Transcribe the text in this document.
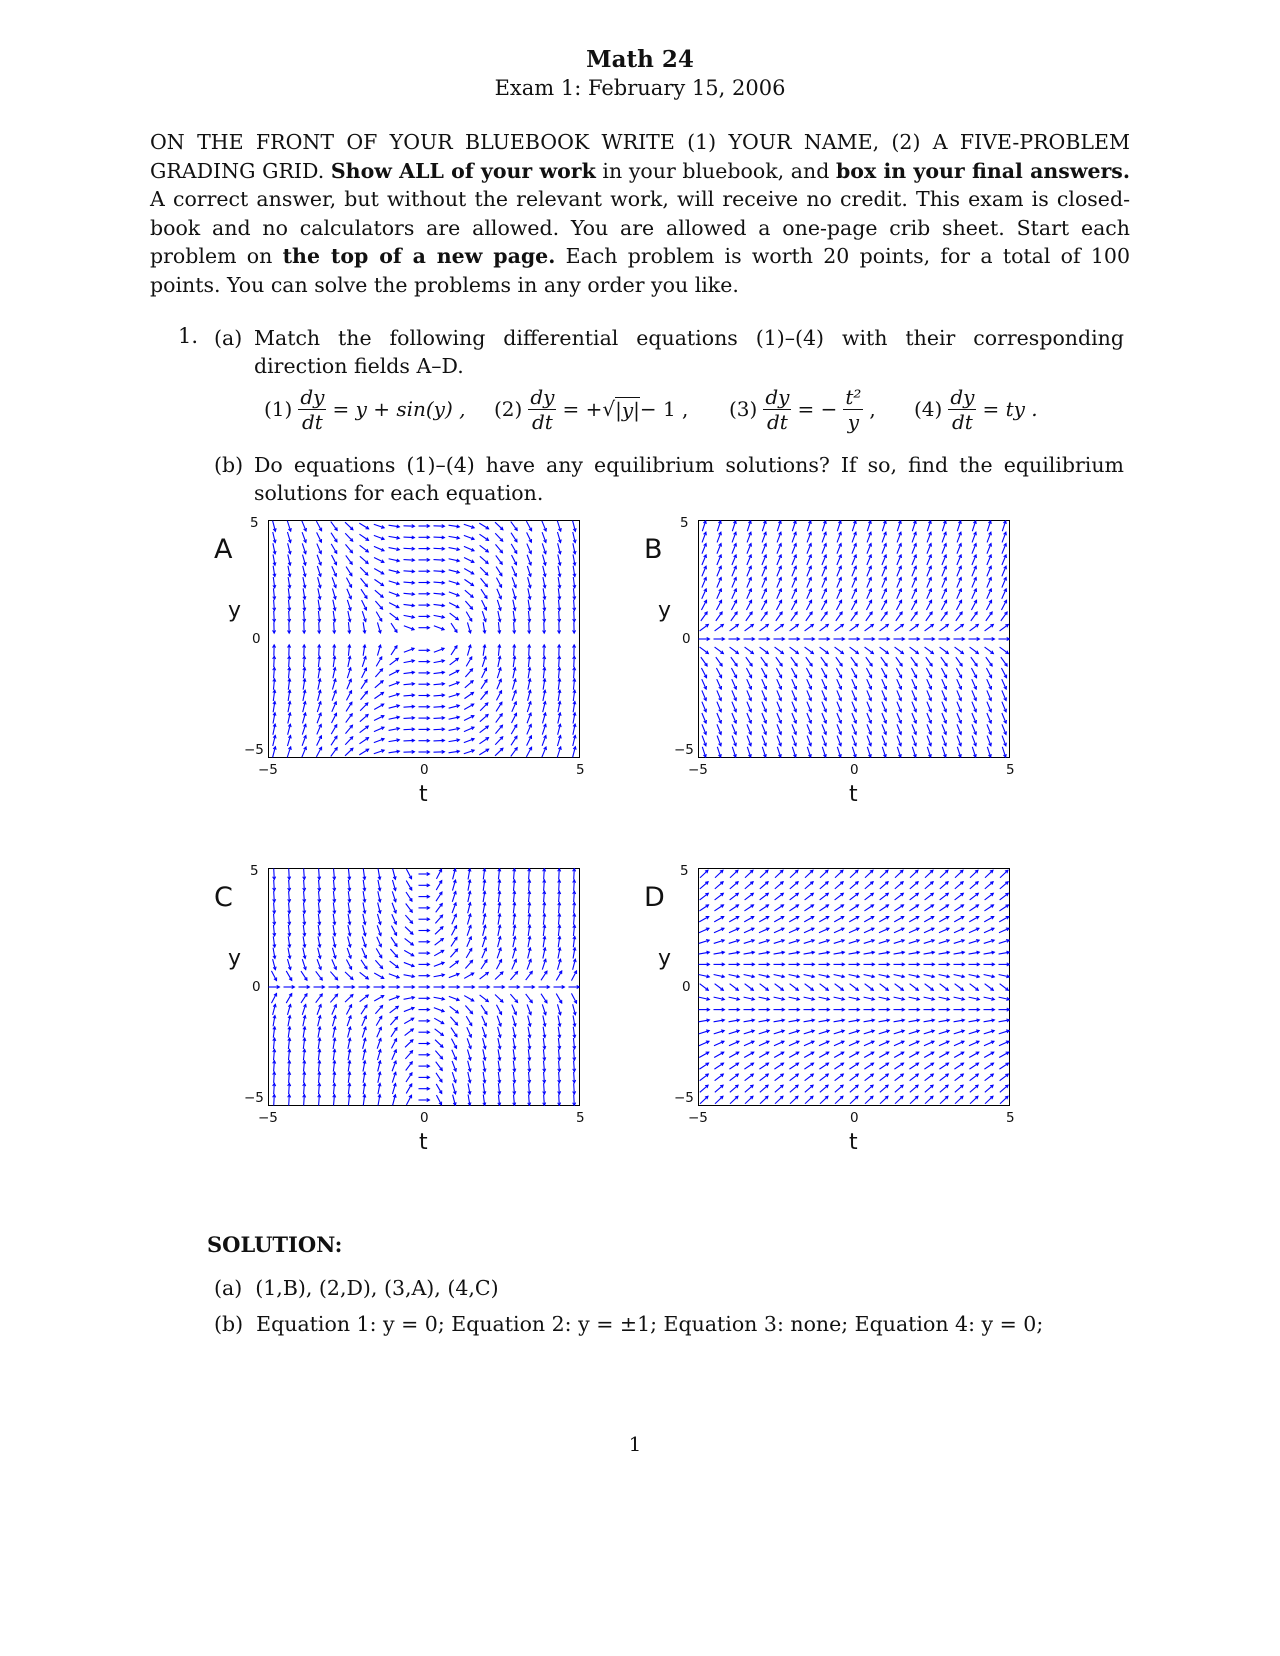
Math 24
Exam 1: February 15, 2006
ON THE FRONT OF YOUR BLUEBOOK WRITE (1) YOUR NAME, (2) A FIVE-PROBLEM GRADING GRID. Show ALL of your work in your bluebook, and box in your final answers. A correct answer, but without the relevant work, will receive no credit. This exam is closed-book and no calculators are allowed. You are allowed a one-page crib sheet. Start each problem on the top of a new page. Each problem is worth 20 points, for a total of 100 points. You can solve the problems in any order you like.
1. (a) Match the following differential equations (1)–(4) with their corresponding direction fields A–D.
$(1) \frac{dy}{dt} = y + \sin(y)$ , $(2) \frac{dy}{dt}$ = + √ |y| − 1 , $(3) \frac{dy}{dt}$ = − $\frac{\text{t²}}{y}$ , $(4) \frac{dy}{dt}$ = ty .
(b) Do equations (1)–(4) have any equilibrium solutions? If so, find the equilibrium solutions for each equation.
A
y
t
5
0
−5
−5	0	5
B
y
t
5
0
−5
−5	0	5
C
y
t
5
0
−5
−5	0	5
D
y
t
5
0
−5
−5	0	5
SOLUTION:
(a) (1,B), (2,D), (3,A), (4,C)
(b) Equation 1: y = 0; Equation 2: y = ±1; Equation 3: none; Equation 4: y = 0;
1
